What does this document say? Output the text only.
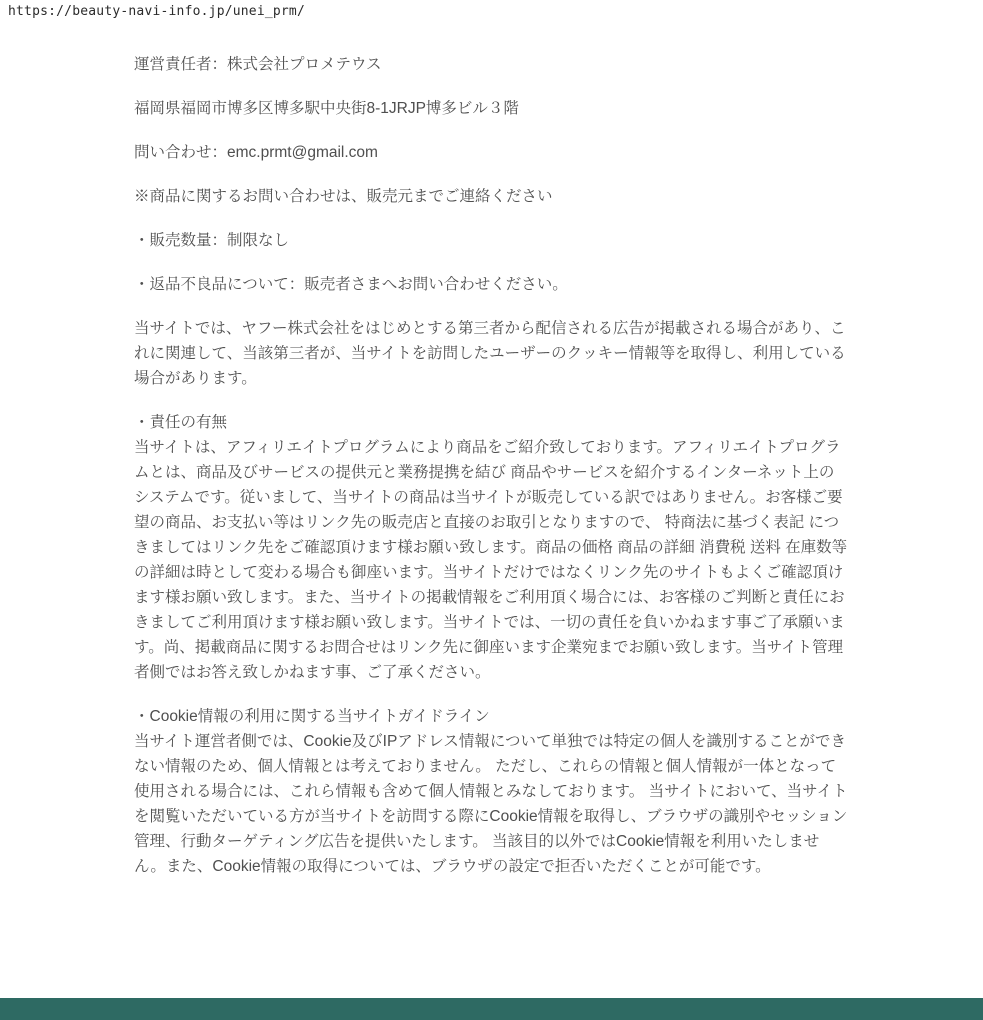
https://beauty-navi-info.jp/unei_prm/

運営責任者：株式会社プロメテウス

福岡県福岡市博多区博多駅中央街8-1JRJP博多ビル３階

問い合わせ：emc.prmt@gmail.com

※商品に関するお問い合わせは、販売元までご連絡ください

・販売数量：制限なし

・返品不良品について：販売者さまへお問い合わせください。

当サイトでは、ヤフー株式会社をはじめとする第三者から配信される広告が掲載される場合があり、これに関連して、当該第三者が、当サイトを訪問したユーザーのクッキー情報等を取得し、利用している場合があります。

・責任の有無
当サイトは、アフィリエイトプログラムにより商品をご紹介致しております。アフィリエイトプログラムとは、商品及びサービスの提供元と業務提携を結び 商品やサービスを紹介するインターネット上のシステムです。従いまして、当サイトの商品は当サイトが販売している訳ではありません。お客様ご要望の商品、お支払い等はリンク先の販売店と直接のお取引となりますので、 特商法に基づく表記 につきましてはリンク先をご確認頂けます様お願い致します。商品の価格 商品の詳細 消費税 送料 在庫数等の詳細は時として変わる場合も御座います。当サイトだけではなくリンク先のサイトもよくご確認頂けます様お願い致します。また、当サイトの掲載情報をご利用頂く場合には、お客様のご判断と責任におきましてご利用頂けます様お願い致します。当サイトでは、一切の責任を負いかねます事ご了承願います。尚、掲載商品に関するお問合せはリンク先に御座います企業宛までお願い致します。当サイト管理者側ではお答え致しかねます事、ご了承ください。

・Cookie情報の利用に関する当サイトガイドライン
当サイト運営者側では、Cookie及びIPアドレス情報について単独では特定の個人を識別することができない情報のため、個人情報とは考えておりません。 ただし、これらの情報と個人情報が一体となって使用される場合には、これら情報も含めて個人情報とみなしております。 当サイトにおいて、当サイトを閲覧いただいている方が当サイトを訪問する際にCookie情報を取得し、ブラウザの識別やセッション管理、行動ターゲティング広告を提供いたします。 当該目的以外ではCookie情報を利用いたしません。また、Cookie情報の取得については、ブラウザの設定で拒否いただくことが可能です。
